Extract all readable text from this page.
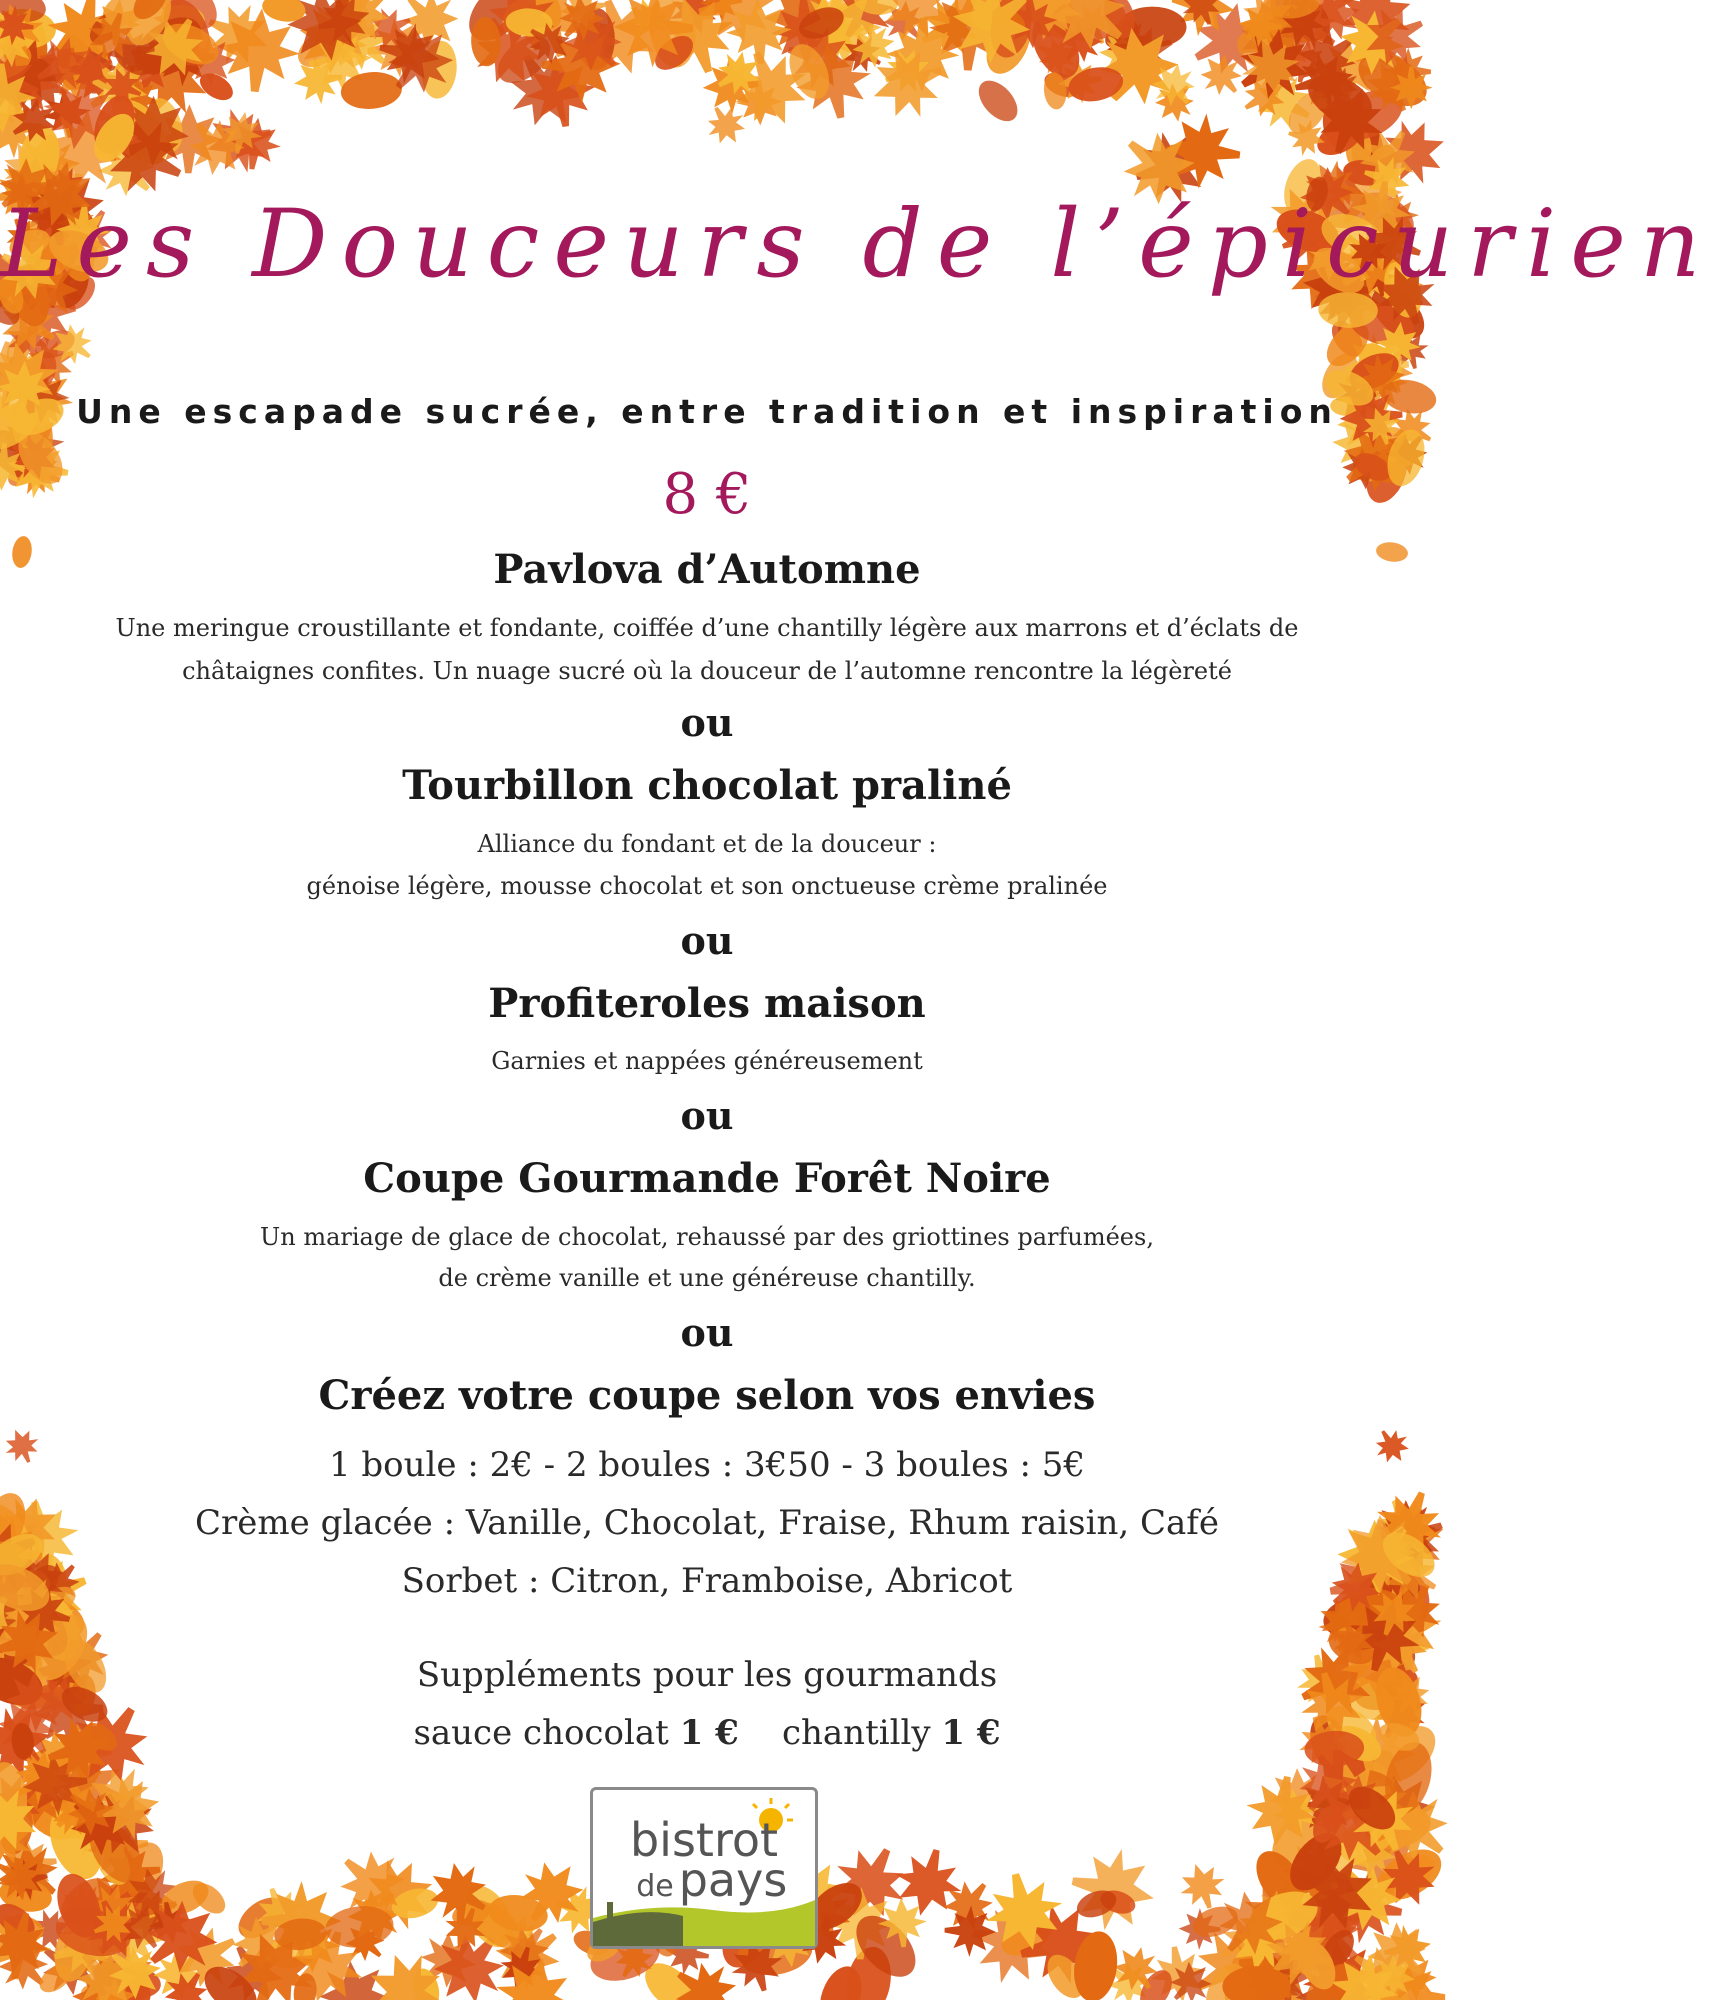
Les Douceurs de l’épicurien
Une escapade sucrée, entre tradition et inspiration
8 €
Pavlova d’Automne
Une meringue croustillante et fondante, coiffée d’une chantilly légère aux marrons et d’éclats de
châtaignes confites. Un nuage sucré où la douceur de l’automne rencontre la légèreté
ou
Tourbillon chocolat praliné
Alliance du fondant et de la douceur :
génoise légère, mousse chocolat et son onctueuse crème pralinée
ou
Profiteroles maison
Garnies et nappées généreusement
ou
Coupe Gourmande Forêt Noire
Un mariage de glace de chocolat, rehaussé par des griottines parfumées,
de crème vanille et une généreuse chantilly.
ou
Créez votre coupe selon vos envies
1 boule : 2€ - 2 boules : 3€50 - 3 boules : 5€
Crème glacée : Vanille, Chocolat, Fraise, Rhum raisin, Café
Sorbet : Citron, Framboise, Abricot
Suppléments pour les gourmands
sauce chocolat 1 € chantilly 1 €
bistrot
de pays
